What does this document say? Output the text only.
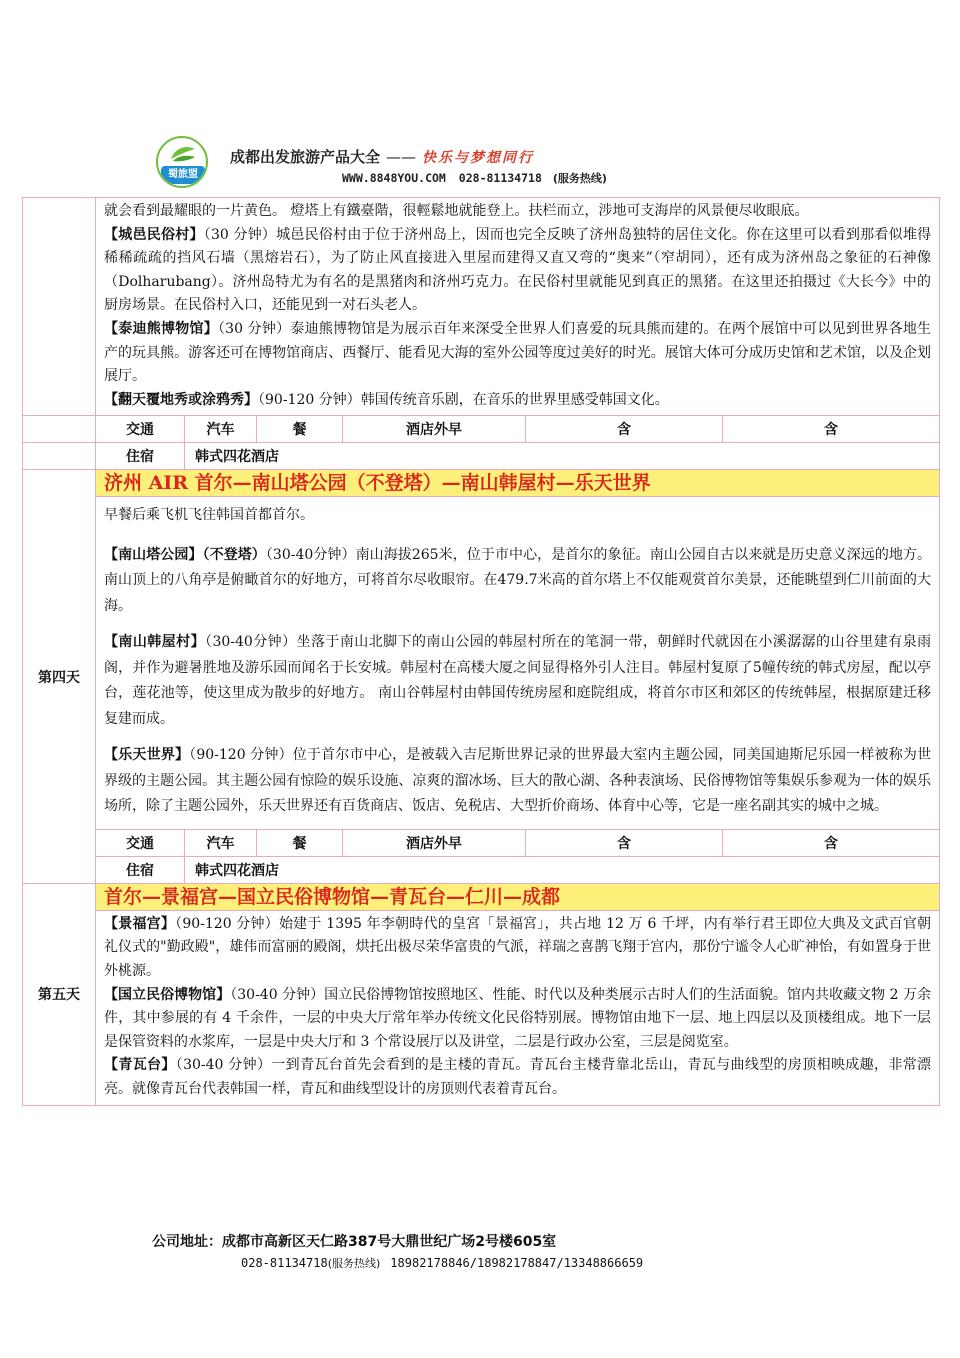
蜀旅盟
成都出发旅游产品大全 —— 快乐与梦想同行
WWW.8848YOU.COM 028-81134718 (服务热线)

	就会看到最耀眼的一片黄色。 燈塔上有鐵臺階，很輕鬆地就能登上。扶栏而立，涉地可支海岸的风景便尽收眼底。

【城邑民俗村】（30 分钟）城邑民俗村由于位于济州岛上，因而也完全反映了济州岛独特的居住文化。你在这里可以看到那看似堆得稀稀疏疏的挡风石墙（黑熔岩石），为了防止风直接进入里屋而建得又直又弯的“奥来”（窄胡同），还有成为济州岛之象征的石神像（Dolharubang）。济州岛特尤为有名的是黑猪肉和济州巧克力。在民俗村里就能见到真正的黑猪。在这里还拍摄过《大长今》中的厨房场景。在民俗村入口，还能见到一对石头老人。

【泰迪熊博物馆】（30 分钟）泰迪熊博物馆是为展示百年来深受全世界人们喜爱的玩具熊而建的。在两个展馆中可以见到世界各地生产的玩具熊。游客还可在博物馆商店、西餐厅、能看见大海的室外公园等度过美好的时光。展馆大体可分成历史馆和艺术馆，以及企划展厅。

【翻天覆地秀或涂鸦秀】（90-120 分钟）韩国传统音乐剧，在音乐的世界里感受韩国文化。					

	交通	汽车	餐	酒店外早	含	含
	住宿	韩式四花酒店				
第四天	济州 AIR 首尔—南山塔公园（不登塔）—南山韩屋村—乐天世界					

	早餐后乘飞机飞往韩国首都首尔。

【南山塔公园】（不登塔）（30-40分钟）南山海拔265米，位于市中心，是首尔的象征。南山公园自古以来就是历史意义深远的地方。南山顶上的八角亭是俯瞰首尔的好地方，可将首尔尽收眼帘。在479.7米高的首尔塔上不仅能观赏首尔美景，还能眺望到仁川前面的大海。

【南山韩屋村】（30-40分钟）坐落于南山北脚下的南山公园的韩屋村所在的笔洞一带，朝鲜时代就因在小溪潺潺的山谷里建有泉雨阁，并作为避暑胜地及游乐园而闻名于长安城。韩屋村在高楼大厦之间显得格外引人注目。韩屋村复原了5幢传统的韩式房屋，配以亭台，莲花池等，使这里成为散步的好地方。 南山谷韩屋村由韩国传统房屋和庭院组成，将首尔市区和郊区的传统韩屋，根据原建迁移复建而成。

【乐天世界】（90-120 分钟）位于首尔市中心，是被载入吉尼斯世界记录的世界最大室内主题公园，同美国迪斯尼乐园一样被称为世界级的主题公园。其主题公园有惊险的娱乐设施、凉爽的溜冰场、巨大的散心湖、各种表演场、民俗博物馆等集娱乐参观为一体的娱乐场所，除了主题公园外，乐天世界还有百货商店、饭店、免税店、大型折价商场、体育中心等，它是一座名副其实的城中之城。					

	交通	汽车	餐	酒店外早	含	含
	住宿	韩式四花酒店				
第五天	首尔—景福宫—国立民俗博物馆—青瓦台—仁川—成都					

	【景福宫】（90-120 分钟）始建于 1395 年李朝時代的皇宮「景福宮」，共占地 12 万 6 千坪，内有举行君王即位大典及文武百官朝礼仪式的"勤政殿"，雄伟而富丽的殿阁，烘托出极尽荣华富贵的气派，祥瑞之喜鹊飞翔于宫内，那份宁谧令人心旷神怡，有如置身于世外桃源。

【国立民俗博物馆】（30-40 分钟）国立民俗博物馆按照地区、性能、时代以及种类展示古时人们的生活面貌。馆内共收藏文物 2 万余件，其中参展的有 4 千余件，一层的中央大厅常年举办传统文化民俗特别展。博物馆由地下一层、地上四层以及顶楼组成。地下一层是保管资料的水浆库，一层是中央大厅和 3 个常设展厅以及讲堂，二层是行政办公室，三层是阅览室。

【青瓦台】（30-40 分钟）一到青瓦台首先会看到的是主楼的青瓦。青瓦台主楼背靠北岳山，青瓦与曲线型的房顶相映成趣，非常漂亮。就像青瓦台代表韩国一样，青瓦和曲线型设计的房顶则代表着青瓦台。					

公司地址：成都市高新区天仁路387号大鼎世纪广场2号楼605室
028-81134718(服务热线) 18982178846/18982178847/13348866659
